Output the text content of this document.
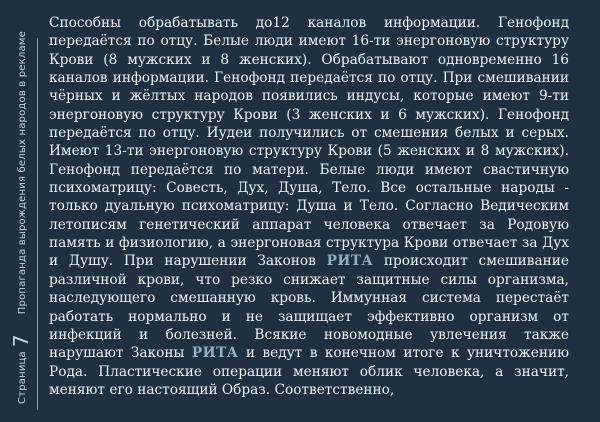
Страница
7
Пропаганда вырождения белых народов в рекламе

Способны обрабатывать до12 каналов информации. Генофонд передаётся по отцу. Белые люди имеют 16-ти энергоновую структуру Крови (8 мужских и 8 женских). Обрабатывают одновременно 16 каналов информации. Генофонд передаётся по отцу. При смешивании чёрных и жёлтых народов появились индусы, которые имеют 9-ти энергоновую структуру Крови (3 женских и 6 мужских). Генофонд передаётся по отцу. Иудеи получились от смешения белых и серых. Имеют 13-ти энергоновую структуру Крови (5 женских и 8 мужских). Генофонд передаётся по матери. Белые люди имеют свастичную психоматрицу: Совесть, Дух, Душа, Тело. Все остальные народы - только дуальную психоматрицу: Душа и Тело. Согласно Ведическим летописям генетический аппарат человека отвечает за Родовую память и физиологию, а энергоновая структура Крови отвечает за Дух и Душу. При нарушении Законов РИТА происходит смешивание различной крови, что резко снижает защитные силы организма, наследующего смешанную кровь. Иммунная система перестаёт работать нормально и не защищает эффективно организм от инфекций и болезней. Всякие новомодные увлечения также нарушают Законы РИТА и ведут в конечном итоге к уничтожению Рода. Пластические операции меняют облик человека, а значит, меняют его настоящий Образ. Соответственно,
